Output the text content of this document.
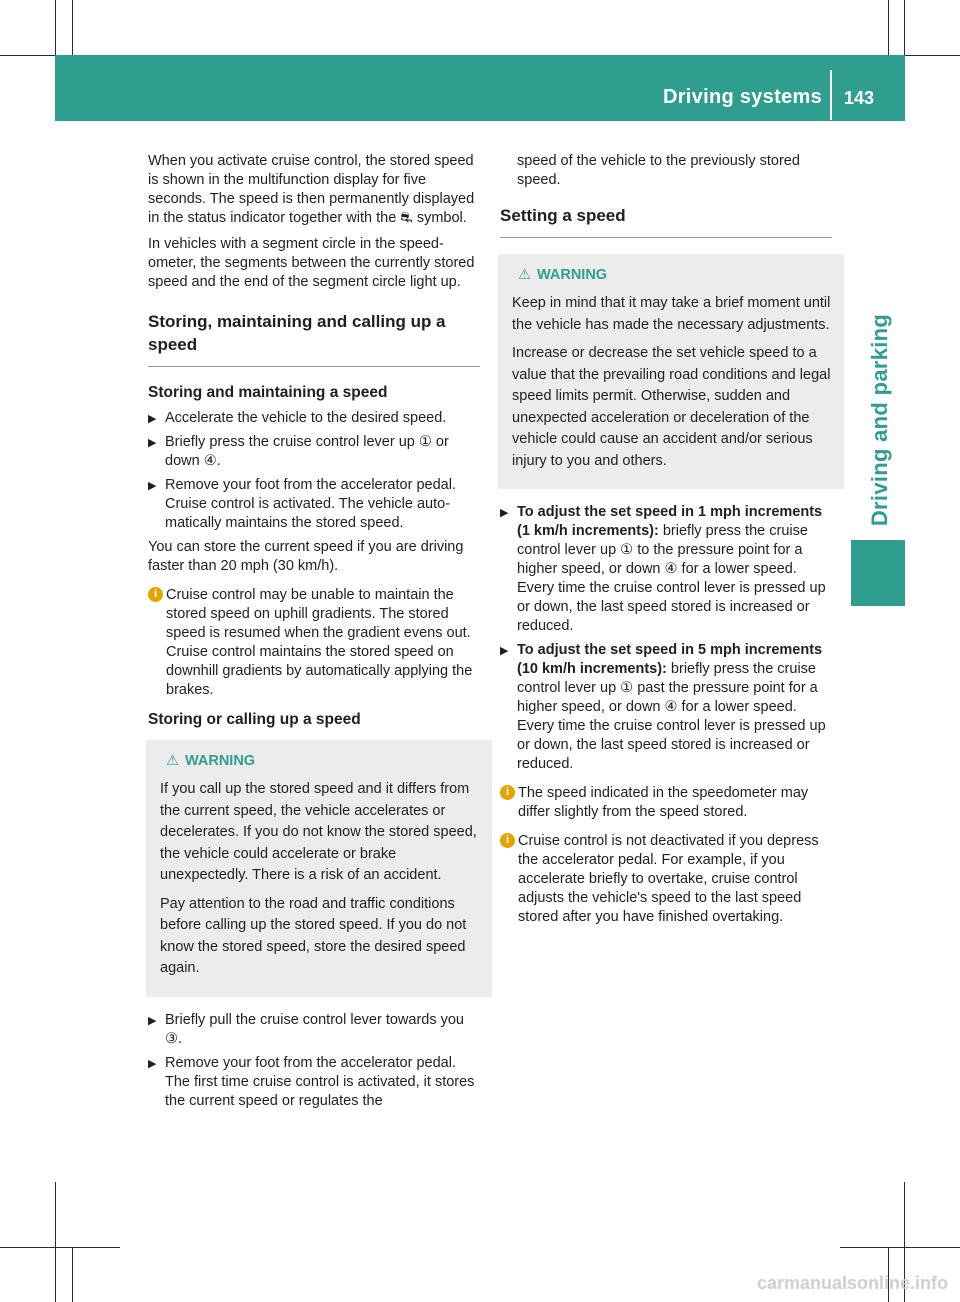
Driving systems 143
Driving and parking

When you activate cruise control, the stored speed is shown in the multifunction display for five seconds. The speed is then permanently displayed in the status indicator together with the ⛐ symbol.

In vehicles with a segment circle in the speedometer, the segments between the currently stored speed and the end of the segment circle light up.

Storing, maintaining and calling up a speed
Storing and maintaining a speed
▶ Accelerate the vehicle to the desired speed.
▶ Briefly press the cruise control lever up ① or down ④.
▶ Remove your foot from the accelerator pedal.
Cruise control is activated. The vehicle automatically maintains the stored speed.

You can store the current speed if you are driving faster than 20 mph (30 km/h).

i Cruise control may be unable to maintain the stored speed on uphill gradients. The stored speed is resumed when the gradient evens out. Cruise control maintains the stored speed on downhill gradients by automatically applying the brakes.
Storing or calling up a speed
⚠ WARNING

If you call up the stored speed and it differs from the current speed, the vehicle accelerates or decelerates. If you do not know the stored speed, the vehicle could accelerate or brake unexpectedly. There is a risk of an accident.

Pay attention to the road and traffic conditions before calling up the stored speed. If you do not know the stored speed, store the desired speed again.

▶ Briefly pull the cruise control lever towards you ③.
▶ Remove your foot from the accelerator pedal.
The first time cruise control is activated, it stores the current speed or regulates the

speed of the vehicle to the previously stored speed.

Setting a speed
⚠ WARNING

Keep in mind that it may take a brief moment until the vehicle has made the necessary adjustments.

Increase or decrease the set vehicle speed to a value that the prevailing road conditions and legal speed limits permit. Otherwise, sudden and unexpected acceleration or deceleration of the vehicle could cause an accident and/or serious injury to you and others.

▶ To adjust the set speed in 1 mph increments (1 km/h increments): briefly press the cruise control lever up ① to the pressure point for a higher speed, or down ④ for a lower speed.
Every time the cruise control lever is pressed up or down, the last speed stored is increased or reduced.
▶ To adjust the set speed in 5 mph increments (10 km/h increments): briefly press the cruise control lever up ① past the pressure point for a higher speed, or down ④ for a lower speed.
Every time the cruise control lever is pressed up or down, the last speed stored is increased or reduced.
i The speed indicated in the speedometer may differ slightly from the speed stored.
i Cruise control is not deactivated if you depress the accelerator pedal. For example, if you accelerate briefly to overtake, cruise control adjusts the vehicle's speed to the last speed stored after you have finished overtaking.
carmanualsonline.info
